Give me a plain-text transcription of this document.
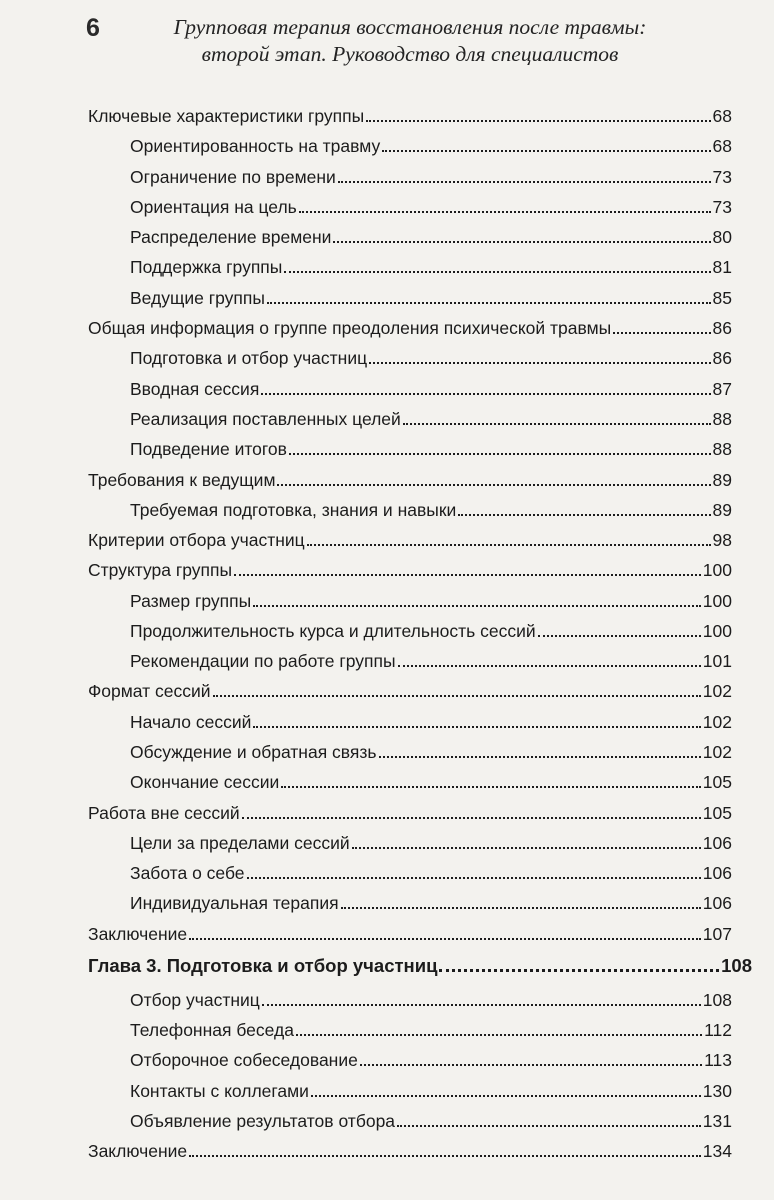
6	Групповая терапия восстановления после травмы:
второй этап. Руководство для специалистов
Ключевые характеристики группы	68
Ориентированность на травму	68
Ограничение по времени	73
Ориентация на цель	73
Распределение времени	80
Поддержка группы	81
Ведущие группы	85
Общая информация о группе преодоления психической травмы	86
Подготовка и отбор участниц	86
Вводная сессия	87
Реализация поставленных целей	88
Подведение итогов	88
Требования к ведущим	89
Требуемая подготовка, знания и навыки	89
Критерии отбора участниц	98
Структура группы	100
Размер группы	100
Продолжительность курса и длительность сессий	100
Рекомендации по работе группы	101
Формат сессий	102
Начало сессий	102
Обсуждение и обратная связь	102
Окончание сессии	105
Работа вне сессий	105
Цели за пределами сессий	106
Забота о себе	106
Индивидуальная терапия	106
Заключение	107
Глава 3. Подготовка и отбор участниц	108
Отбор участниц	108
Телефонная беседа	112
Отборочное собеседование	113
Контакты с коллегами	130
Объявление результатов отбора	131
Заключение	134
